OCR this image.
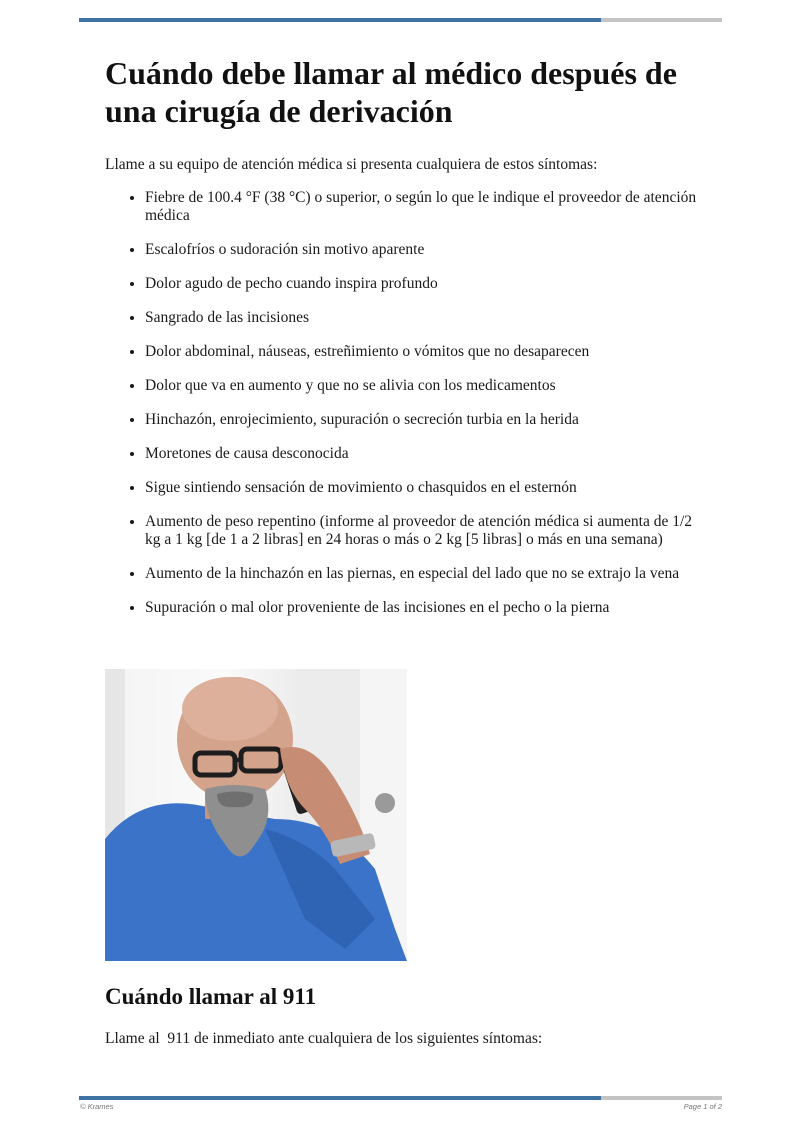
Cuándo debe llamar al médico después de una cirugía de derivación

Llame a su equipo de atención médica si presenta cualquiera de estos síntomas:

• Fiebre de 100.4 °F (38 °C) o superior, o según lo que le indique el proveedor de atención médica
• Escalofríos o sudoración sin motivo aparente
• Dolor agudo de pecho cuando inspira profundo
• Sangrado de las incisiones
• Dolor abdominal, náuseas, estreñimiento o vómitos que no desaparecen
• Dolor que va en aumento y que no se alivia con los medicamentos
• Hinchazón, enrojecimiento, supuración o secreción turbia en la herida
• Moretones de causa desconocida
• Sigue sintiendo sensación de movimiento o chasquidos en el esternón
• Aumento de peso repentino (informe al proveedor de atención médica si aumenta de 1/2 kg a 1 kg [de 1 a 2 libras] en 24 horas o más o 2 kg [5 libras] o más en una semana)
• Aumento de la hinchazón en las piernas, en especial del lado que no se extrajo la vena
• Supuración o mal olor proveniente de las incisiones en el pecho o la pierna
Cuándo llamar al 911

Llame al  911 de inmediato ante cualquiera de los siguientes síntomas:

© Krames	Page 1 of 2
